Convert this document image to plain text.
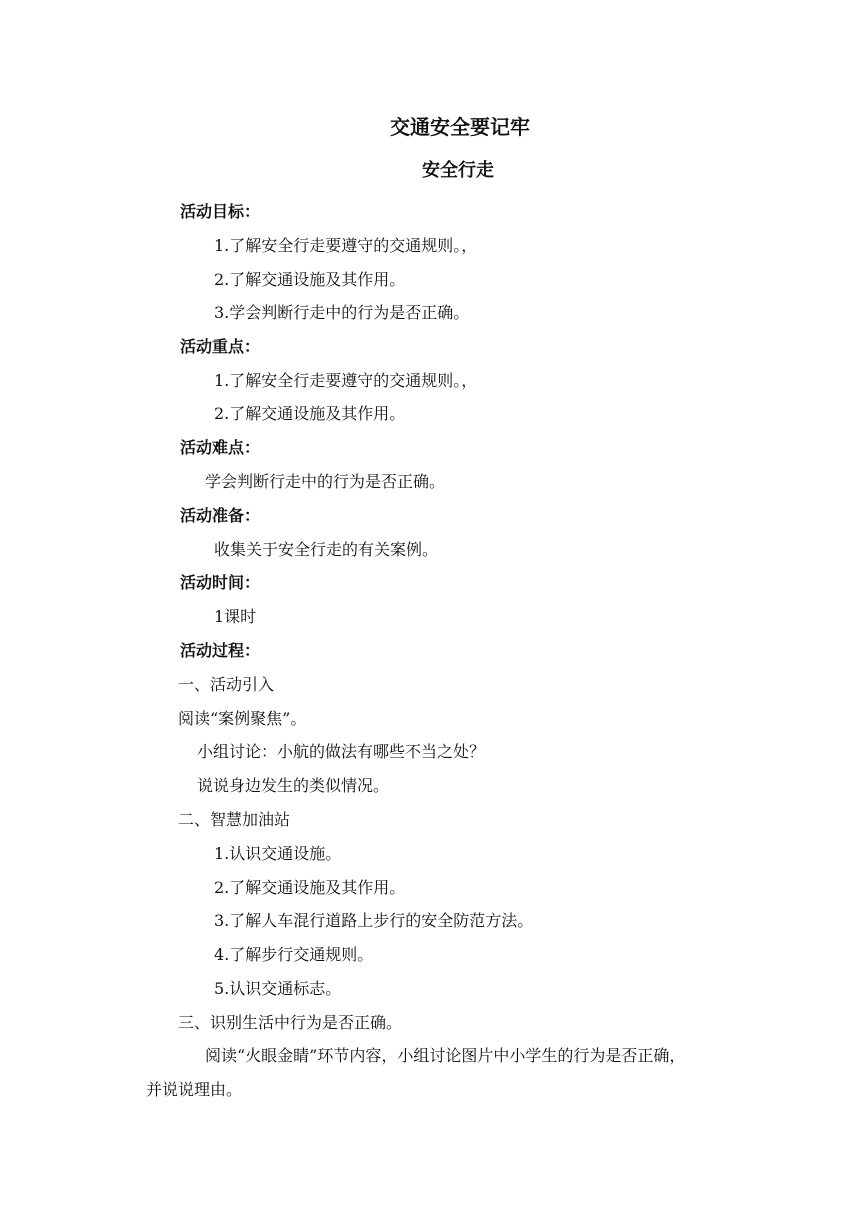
交通安全要记牢
安全行走
活动目标：
1.了解安全行走要遵守的交通规则。，
2.了解交通设施及其作用。
3.学会判断行走中的行为是否正确。
活动重点：
1.了解安全行走要遵守的交通规则。，
2.了解交通设施及其作用。
活动难点：
学会判断行走中的行为是否正确。
活动准备：
收集关于安全行走的有关案例。
活动时间：
1课时
活动过程：
一、活动引入
阅读“案例聚焦”。
小组讨论：小航的做法有哪些不当之处？
说说身边发生的类似情况。
二、智慧加油站
1.认识交通设施。
2.了解交通设施及其作用。
3.了解人车混行道路上步行的安全防范方法。
4.了解步行交通规则。
5.认识交通标志。
三、识别生活中行为是否正确。
阅读“火眼金睛”环节内容，小组讨论图片中小学生的行为是否正确，
并说说理由。
